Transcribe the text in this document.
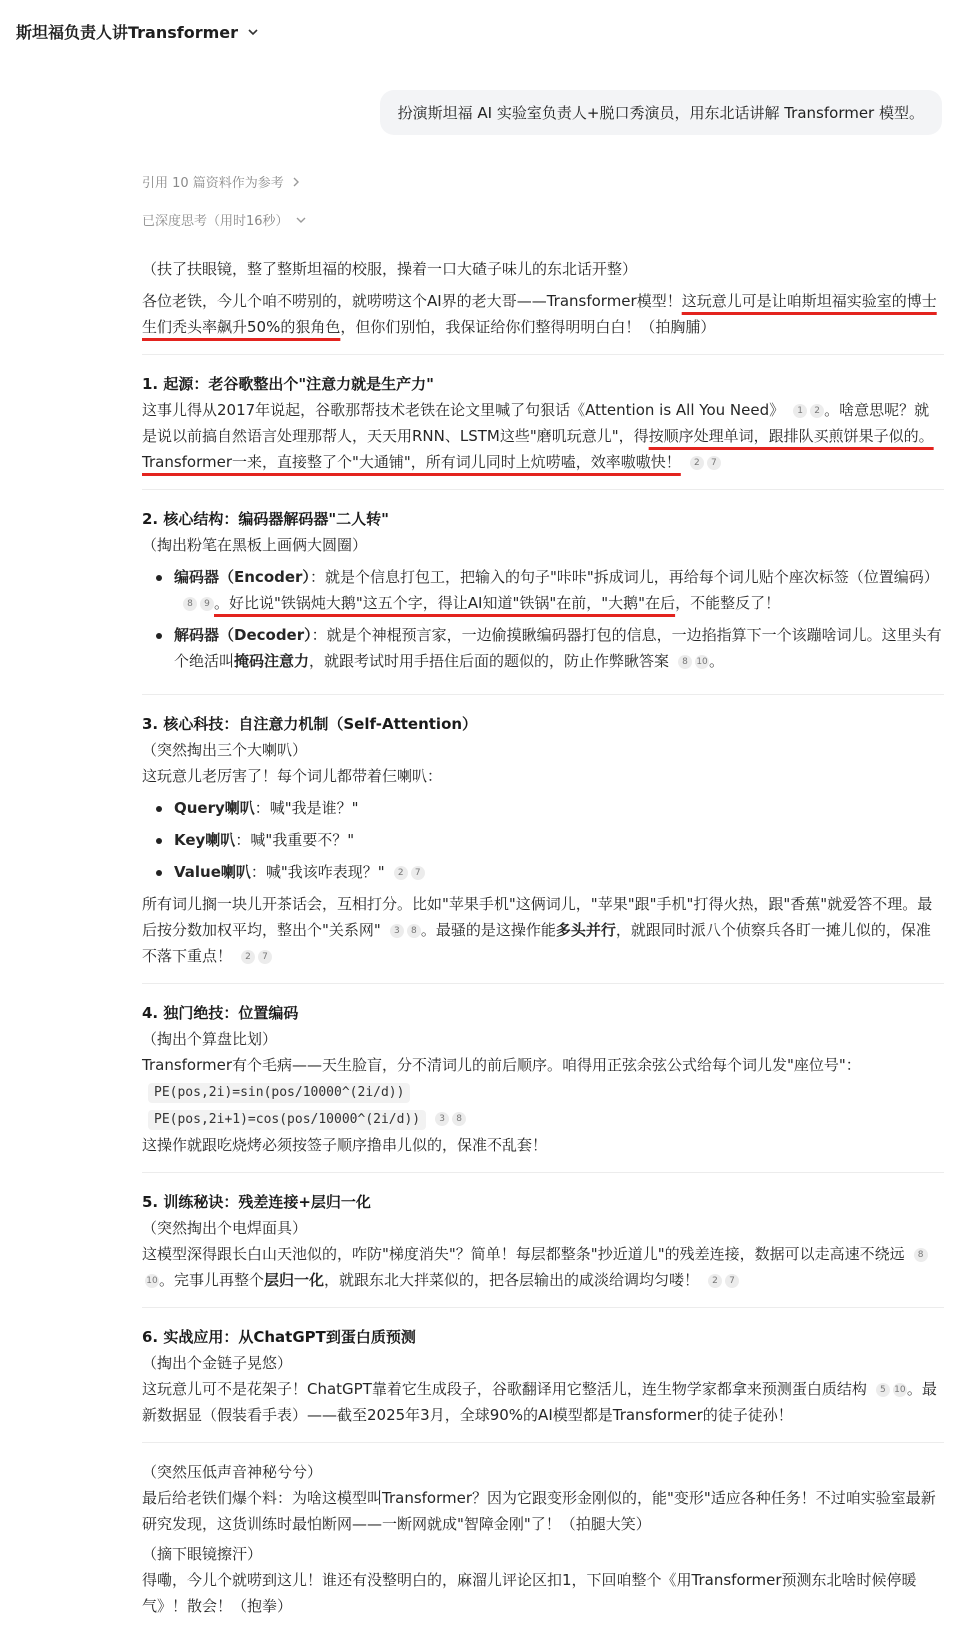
斯坦福负责人讲Transformer
扮演斯坦福 AI 实验室负责人+脱口秀演员，用东北话讲解 Transformer 模型。
引用 10 篇资料作为参考
已深度思考（用时16秒）

（扶了扶眼镜，整了整斯坦福的校服，操着一口大碴子味儿的东北话开整）

各位老铁，今儿个咱不唠别的，就唠唠这个AI界的老大哥——Transformer模型！这玩意儿可是让咱斯坦福实验室的博士生们秃头率飙升50%的狠角色，但你们别怕，我保证给你们整得明明白白！（拍胸脯）

1. 起源：老谷歌整出个"注意力就是生产力"

这事儿得从2017年说起，谷歌那帮技术老铁在论文里喊了句狠话《Attention is All You Need》 1 2 。啥意思呢？就是说以前搞自然语言处理那帮人，天天用RNN、LSTM这些"磨叽玩意儿"，得按顺序处理单词，跟排队买煎饼果子似的。Transformer一来，直接整了个"大通铺"，所有词儿同时上炕唠嗑，效率嗷嗷快！ 2 7

2. 核心结构：编码器解码器"二人转"

（掏出粉笔在黑板上画俩大圆圈）

编码器（Encoder）：就是个信息打包工，把输入的句子"咔咔"拆成词儿，再给每个词儿贴个座次标签（位置编码）8 9 。好比说"铁锅炖大鹅"这五个字，得让AI知道"铁锅"在前，"大鹅"在后，不能整反了！
解码器（Decoder）：就是个神棍预言家，一边偷摸瞅编码器打包的信息，一边掐指算下一个该蹦啥词儿。这里头有个绝活叫掩码注意力，就跟考试时用手捂住后面的题似的，防止作弊瞅答案 8 10。

3. 核心科技：自注意力机制（Self-Attention）

（突然掏出三个大喇叭）

这玩意儿老厉害了！每个词儿都带着仨喇叭：

Query喇叭：喊"我是谁？"
Key喇叭：喊"我重要不？"
Value喇叭：喊"我该咋表现？" 2 7

所有词儿搁一块儿开茶话会，互相打分。比如"苹果手机"这俩词儿，"苹果"跟"手机"打得火热，跟"香蕉"就爱答不理。最后按分数加权平均，整出个"关系网" 3 8 。最骚的是这操作能多头并行，就跟同时派八个侦察兵各盯一摊儿似的，保准不落下重点！ 2 7

4. 独门绝技：位置编码

（掏出个算盘比划）

Transformer有个毛病——天生脸盲，分不清词儿的前后顺序。咱得用正弦余弦公式给每个词儿发"座位号"：

PE(pos,2i)=sin(pos/10000^(2i/d))
PE(pos,2i+1)=cos(pos/10000^(2i/d)) 3 8

这操作就跟吃烧烤必须按签子顺序撸串儿似的，保准不乱套！

5. 训练秘诀：残差连接+层归一化

（突然掏出个电焊面具）

这模型深得跟长白山天池似的，咋防"梯度消失"？简单！每层都整条"抄近道儿"的残差连接，数据可以走高速不绕远 810。完事儿再整个层归一化，就跟东北大拌菜似的，把各层输出的咸淡给调均匀喽！ 2 7

6. 实战应用：从ChatGPT到蛋白质预测

（掏出个金链子晃悠）

这玩意儿可不是花架子！ChatGPT靠着它生成段子，谷歌翻译用它整活儿，连生物学家都拿来预测蛋白质结构 5 10。最新数据显（假装看手表）——截至2025年3月，全球90%的AI模型都是Transformer的徒子徒孙！

（突然压低声音神秘兮兮）

最后给老铁们爆个料：为啥这模型叫Transformer？因为它跟变形金刚似的，能"变形"适应各种任务！不过咱实验室最新研究发现，这货训练时最怕断网——一断网就成"智障金刚"了！（拍腿大笑）

（摘下眼镜擦汗）

得嘞，今儿个就唠到这儿！谁还有没整明白的，麻溜儿评论区扣1，下回咱整个《用Transformer预测东北啥时候停暖气》！散会！（抱拳）
